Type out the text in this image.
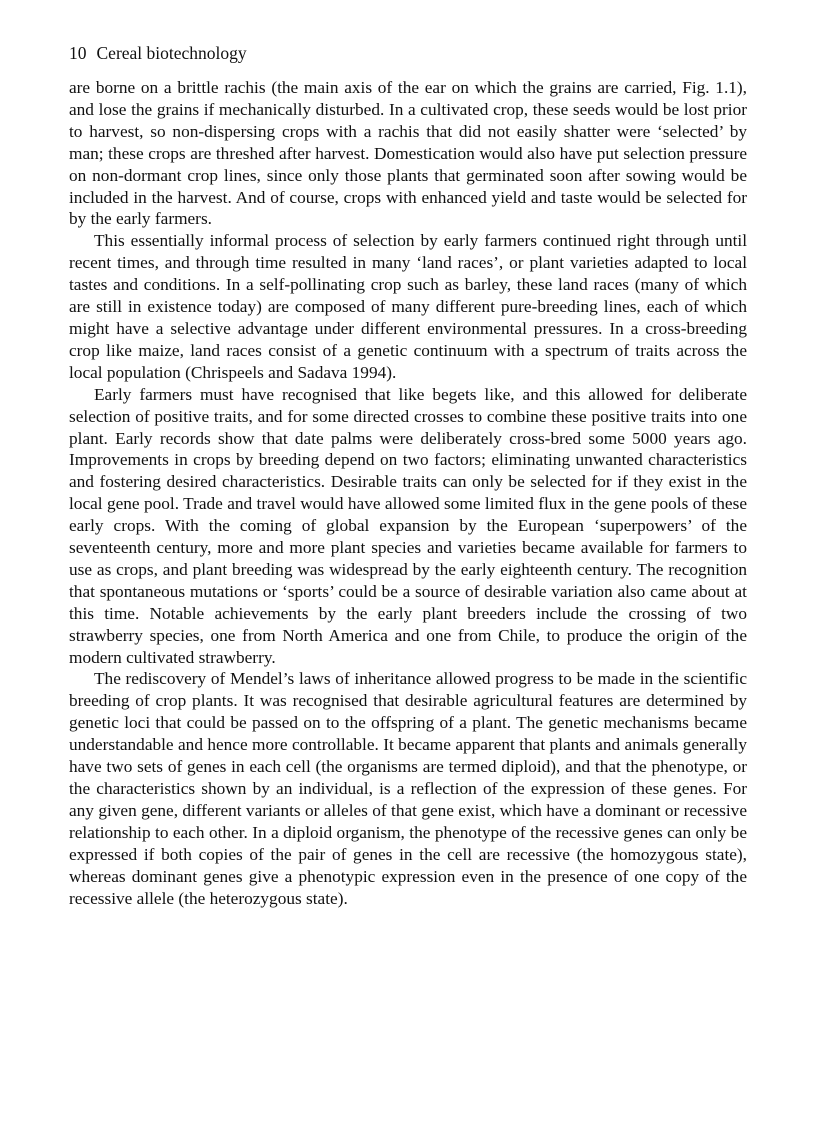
10 Cereal biotechnology

are borne on a brittle rachis (the main axis of the ear on which the grains are carried, Fig. 1.1), and lose the grains if mechanically disturbed. In a cultivated crop, these seeds would be lost prior to harvest, so non-dispersing crops with a rachis that did not easily shatter were ‘selected’ by man; these crops are threshed after harvest. Domestication would also have put selection pressure on non-dormant crop lines, since only those plants that germinated soon after sowing would be included in the harvest. And of course, crops with enhanced yield and taste would be selected for by the early farmers.

This essentially informal process of selection by early farmers continued right through until recent times, and through time resulted in many ‘land races’, or plant varieties adapted to local tastes and conditions. In a self-pollinating crop such as barley, these land races (many of which are still in existence today) are composed of many different pure-breeding lines, each of which might have a selective advantage under different environmental pressures. In a cross-breeding crop like maize, land races consist of a genetic continuum with a spectrum of traits across the local population (Chrispeels and Sadava 1994).

Early farmers must have recognised that like begets like, and this allowed for deliberate selection of positive traits, and for some directed crosses to combine these positive traits into one plant. Early records show that date palms were deliberately cross-bred some 5000 years ago. Improvements in crops by breeding depend on two factors; eliminating unwanted characteristics and fostering desired characteristics. Desirable traits can only be selected for if they exist in the local gene pool. Trade and travel would have allowed some limited flux in the gene pools of these early crops. With the coming of global expansion by the European ‘superpowers’ of the seventeenth century, more and more plant species and varieties became available for farmers to use as crops, and plant breeding was widespread by the early eighteenth century. The recognition that spontaneous mutations or ‘sports’ could be a source of desirable variation also came about at this time. Notable achievements by the early plant breeders include the crossing of two strawberry species, one from North America and one from Chile, to produce the origin of the modern cultivated strawberry.

The rediscovery of Mendel’s laws of inheritance allowed progress to be made in the scientific breeding of crop plants. It was recognised that desirable agricultural features are determined by genetic loci that could be passed on to the offspring of a plant. The genetic mechanisms became understandable and hence more controllable. It became apparent that plants and animals generally have two sets of genes in each cell (the organisms are termed diploid), and that the phenotype, or the characteristics shown by an individual, is a reflection of the expression of these genes. For any given gene, different variants or alleles of that gene exist, which have a dominant or recessive relationship to each other. In a diploid organism, the phenotype of the recessive genes can only be expressed if both copies of the pair of genes in the cell are recessive (the homozygous state), whereas dominant genes give a phenotypic expression even in the presence of one copy of the recessive allele (the heterozygous state).
